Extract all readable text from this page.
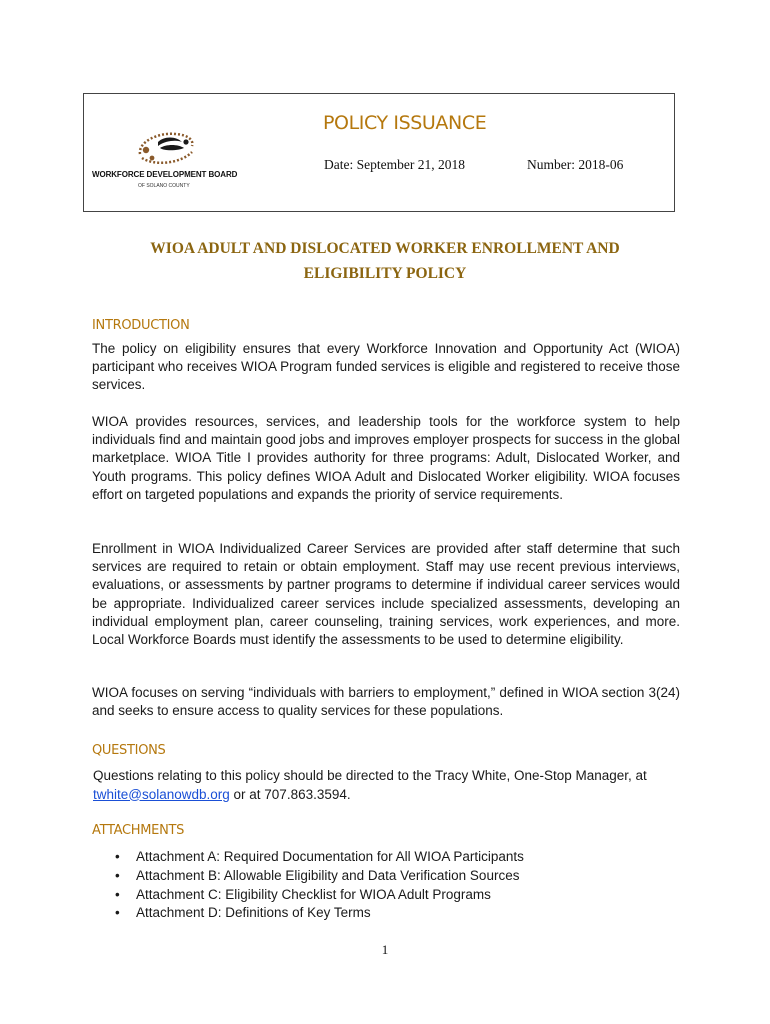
WORKFORCE DEVELOPMENT BOARD
OF SOLANO COUNTY
POLICY ISSUANCE
Date: September 21, 2018	Number: 2018-06
WIOA ADULT AND DISLOCATED WORKER ENROLLMENT AND
ELIGIBILITY POLICY
INTRODUCTION

The policy on eligibility ensures that every Workforce Innovation and Opportunity Act (WIOA) participant who receives WIOA Program funded services is eligible and registered to receive those services.

WIOA provides resources, services, and leadership tools for the workforce system to help individuals find and maintain good jobs and improves employer prospects for success in the global marketplace. WIOA Title I provides authority for three programs: Adult, Dislocated Worker, and Youth programs. This policy defines WIOA Adult and Dislocated Worker eligibility. WIOA focuses effort on targeted populations and expands the priority of service requirements.

Enrollment in WIOA Individualized Career Services are provided after staff determine that such services are required to retain or obtain employment. Staff may use recent previous interviews, evaluations, or assessments by partner programs to determine if individual career services would be appropriate. Individualized career services include specialized assessments, developing an individual employment plan, career counseling, training services, work experiences, and more. Local Workforce Boards must identify the assessments to be used to determine eligibility.

WIOA focuses on serving “individuals with barriers to employment,” defined in WIOA section 3(24) and seeks to ensure access to quality services for these populations.

QUESTIONS

Questions relating to this policy should be directed to the Tracy White, One-Stop Manager, at twhite@solanowdb.org or at 707.863.3594.

ATTACHMENTS
• Attachment A: Required Documentation for All WIOA Participants
• Attachment B: Allowable Eligibility and Data Verification Sources
• Attachment C: Eligibility Checklist for WIOA Adult Programs
• Attachment D: Definitions of Key Terms
1
